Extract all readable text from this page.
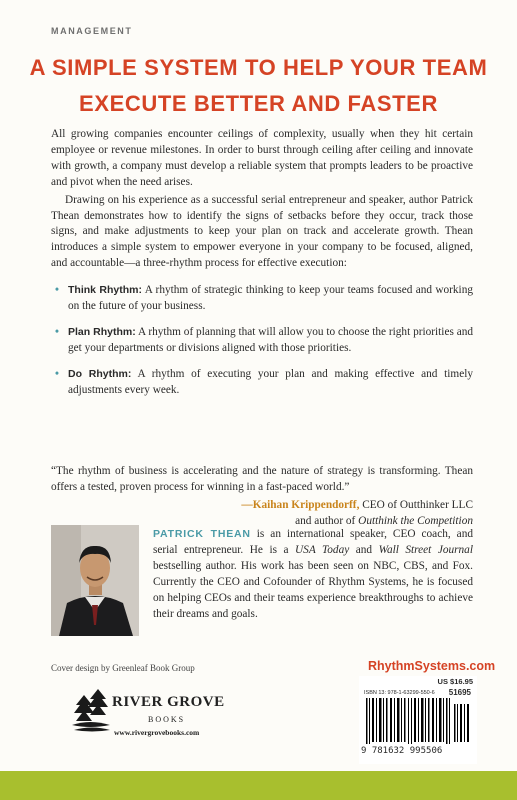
MANAGEMENT
A SIMPLE SYSTEM TO HELP YOUR TEAM
EXECUTE BETTER AND FASTER

All growing companies encounter ceilings of complexity, usually when they hit certain employee or revenue milestones. In order to burst through ceiling after ceiling and innovate with growth, a company must develop a reliable system that prompts leaders to be proactive and pivot when the need arises.

Drawing on his experience as a successful serial entrepreneur and speaker, author Patrick Thean demonstrates how to identify the signs of setbacks before they occur, track those signs, and make adjustments to keep your plan on track and accelerate growth. Thean introduces a simple system to empower everyone in your company to be focused, aligned, and accountable—a three-rhythm process for effective execution:

• Think Rhythm: A rhythm of strategic thinking to keep your teams focused and working on the future of your business.
• Plan Rhythm: A rhythm of planning that will allow you to choose the right priorities and get your departments or divisions aligned with those priorities.
• Do Rhythm: A rhythm of executing your plan and making effective and timely adjustments every week.
“The rhythm of business is accelerating and the nature of strategy is transforming. Thean offers a tested, proven process for winning in a fast-paced world.”
—Kaihan Krippendorff, CEO of Outthinker LLC
and author of Outthink the Competition
PATRICK THEAN is an international speaker, CEO coach, and serial entrepreneur. He is a USA Today and Wall Street Journal bestselling author. His work has been seen on NBC, CBS, and Fox. Currently the CEO and Cofounder of Rhythm Systems, he is focused on helping CEOs and their teams experience breakthroughs to achieve their dreams and goals.
Cover design by Greenleaf Book Group
RIVER GROVE
BOOKS
www.rivergrovebooks.com
RhythmSystems.com
US $16.95
ISBN 13: 978-1-63299-550-6 51695
9 781632 995506
